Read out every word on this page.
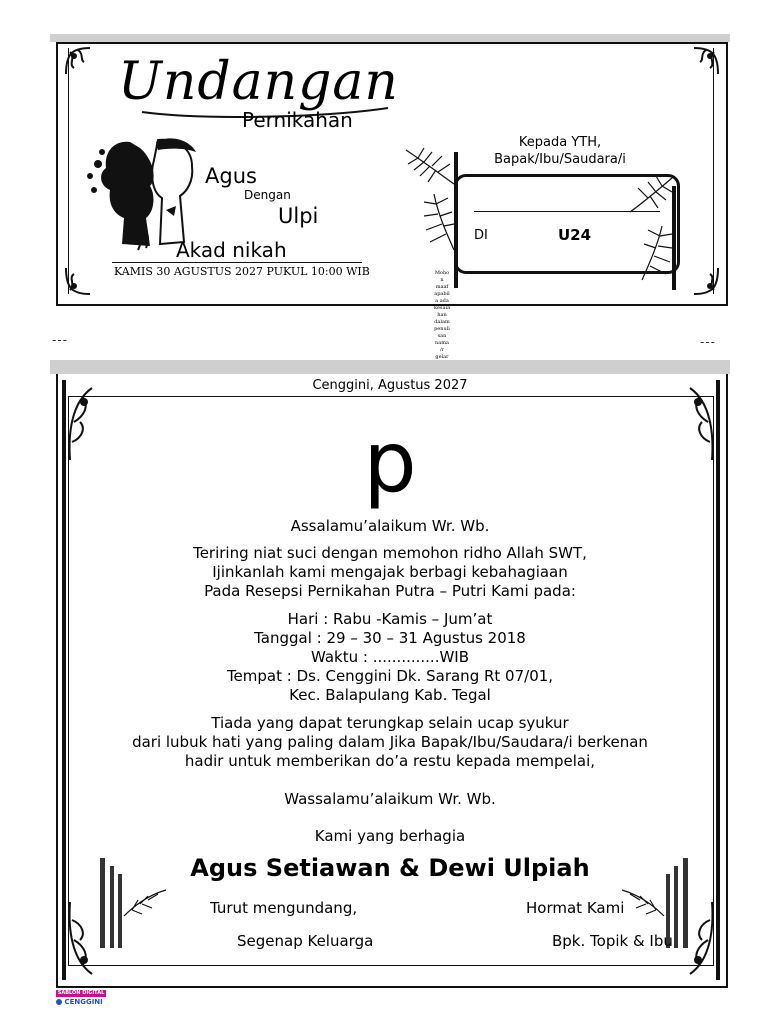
Undangan
Pernikahan
Agus
Dengan
Ulpi
Akad nikah
KAMIS 30 AGUSTUS 2027 PUKUL 10:00 WIB
Kepada YTH,
Bapak/Ibu/Saudara/i
DI	U24
Moho
n
maaf
apabil
a ada
kesala
han
dalam
penuli
san
nama
/r
gelar
---	---
Cenggini, Agustus 2027
p
Assalamu’alaikum Wr. Wb.
Teriring niat suci dengan memohon ridho Allah SWT,
Ijinkanlah kami mengajak berbagi kebahagiaan
Pada Resepsi Pernikahan Putra – Putri Kami pada:
Hari : Rabu -Kamis – Jum’at
Tanggal : 29 – 30 – 31 Agustus 2018
Waktu : ..............WIB
Tempat : Ds. Cenggini Dk. Sarang Rt 07/01,
Kec. Balapulang Kab. Tegal
Tiada yang dapat terungkap selain ucap syukur
dari lubuk hati yang paling dalam Jika Bapak/Ibu/Saudara/i berkenan
hadir untuk memberikan do’a restu kepada mempelai,
Wassalamu’alaikum Wr. Wb.
Kami yang berhagia
Agus Setiawan & Dewi Ulpiah
Turut mengundang,	Hormat Kami
Segenap Keluarga	Bpk. Topik & Ibu
SABLON DIGITAL
CENGGINI
